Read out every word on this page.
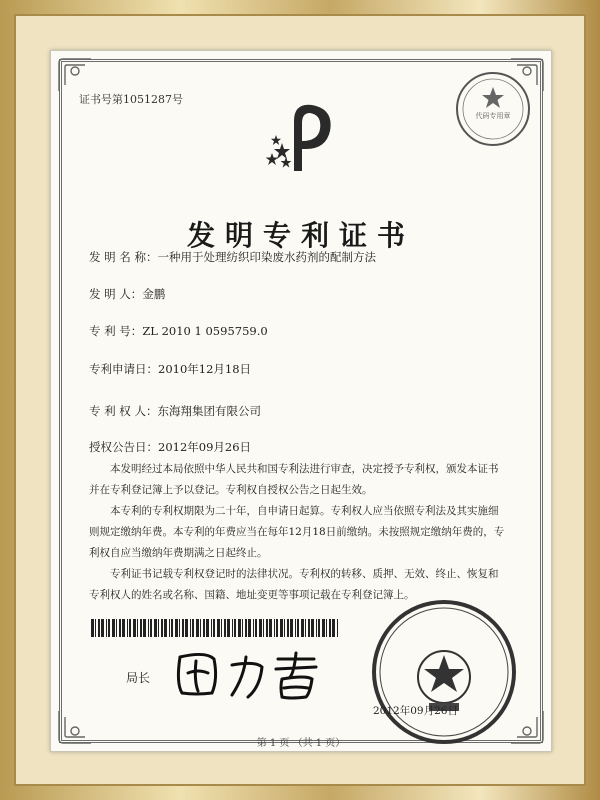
证书号第1051287号
代码专用章
发明专利证书
发 明 名 称：一种用于处理纺织印染废水药剂的配制方法
发 明 人：金鹏
专 利 号：ZL 2010 1 0595759.0
专利申请日：2010年12月18日
专 利 权 人：东海翔集团有限公司
授权公告日：2012年09月26日

本发明经过本局依照中华人民共和国专利法进行审查，决定授予专利权，颁发本证书并在专利登记簿上予以登记。专利权自授权公告之日起生效。

本专利的专利权期限为二十年，自申请日起算。专利权人应当依照专利法及其实施细则规定缴纳年费。本专利的年费应当在每年12月18日前缴纳。未按照规定缴纳年费的，专利权自应当缴纳年费期满之日起终止。

专利证书记载专利权登记时的法律状况。专利权的转移、质押、无效、终止、恢复和专利权人的姓名或名称、国籍、地址变更等事项记载在专利登记簿上。

局长
2012年09月26日
第 1 页 （共 1 页）
